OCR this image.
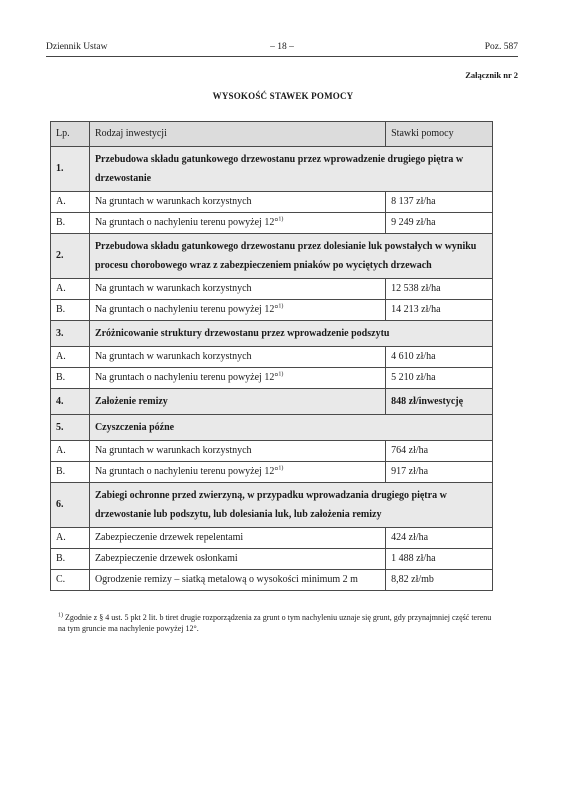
Dziennik Ustaw	– 18 –	Poz. 587
Załącznik nr 2
WYSOKOŚĆ STAWEK POMOCY
Lp.	Rodzaj inwestycji	Stawki pomocy
1.	Przebudowa składu gatunkowego drzewostanu przez wprowadzenie drugiego piętra w drzewostanie	
A.	Na gruntach w warunkach korzystnych	8 137 zł/ha
B.	Na gruntach o nachyleniu terenu powyżej 12°$^{1)}$	9 249 zł/ha
2.	Przebudowa składu gatunkowego drzewostanu przez dolesianie luk powstałych w wyniku procesu chorobowego wraz z zabezpieczeniem pniaków po wyciętych drzewach	
A.	Na gruntach w warunkach korzystnych	12 538 zł/ha
B.	Na gruntach o nachyleniu terenu powyżej 12°$^{1)}$	14 213 zł/ha
3.	Zróżnicowanie struktury drzewostanu przez wprowadzenie podszytu	
A.	Na gruntach w warunkach korzystnych	4 610 zł/ha
B.	Na gruntach o nachyleniu terenu powyżej 12°$^{1)}$	5 210 zł/ha
4.	Założenie remizy	848 zł/inwestycję
5.	Czyszczenia późne	
A.	Na gruntach w warunkach korzystnych	764 zł/ha
B.	Na gruntach o nachyleniu terenu powyżej 12°$^{1)}$	917 zł/ha
6.	Zabiegi ochronne przed zwierzyną, w przypadku wprowadzania drugiego piętra w drzewostanie lub podszytu, lub dolesiania luk, lub założenia remizy	
A.	Zabezpieczenie drzewek repelentami	424 zł/ha
B.	Zabezpieczenie drzewek osłonkami	1 488 zł/ha
C.	Ogrodzenie remizy – siatką metalową o wysokości minimum 2 m	8,82 zł/mb
$^{1)}$ Zgodnie z § 4 ust. 5 pkt 2 lit. b tiret drugie rozporządzenia za grunt o tym nachyleniu uznaje się grunt, gdy przynajmniej część terenu na tym gruncie ma nachylenie powyżej 12°.
